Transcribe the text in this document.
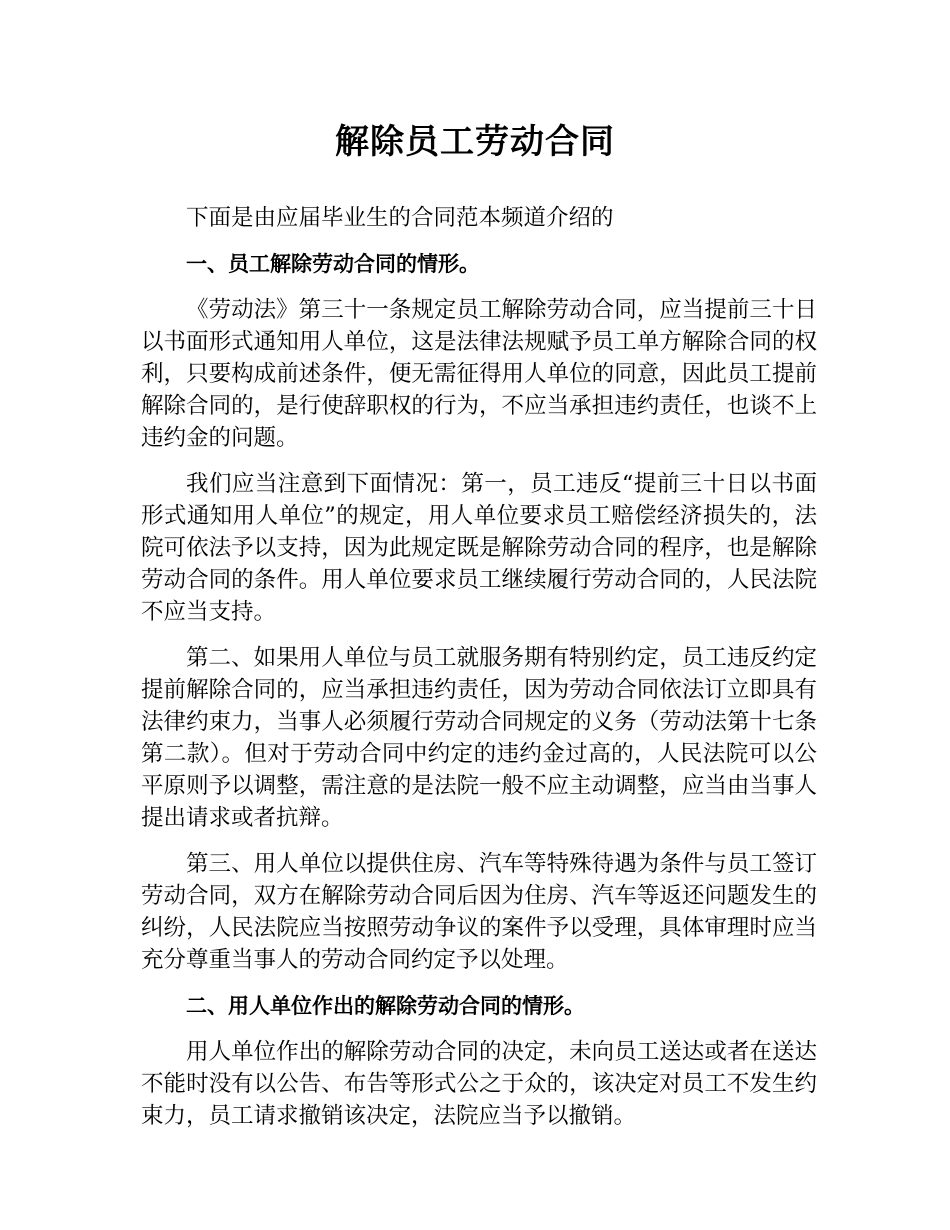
解除员工劳动合同

下面是由应届毕业生的合同范本频道介绍的

一、员工解除劳动合同的情形。

《劳动法》第三十一条规定员工解除劳动合同，应当提前三十日以书面形式通知用人单位，这是法律法规赋予员工单方解除合同的权利，只要构成前述条件，便无需征得用人单位的同意，因此员工提前解除合同的，是行使辞职权的行为，不应当承担违约责任，也谈不上违约金的问题。

我们应当注意到下面情况：第一，员工违反“提前三十日以书面形式通知用人单位”的规定，用人单位要求员工赔偿经济损失的，法院可依法予以支持，因为此规定既是解除劳动合同的程序，也是解除劳动合同的条件。用人单位要求员工继续履行劳动合同的，人民法院不应当支持。

第二、如果用人单位与员工就服务期有特别约定，员工违反约定提前解除合同的，应当承担违约责任，因为劳动合同依法订立即具有法律约束力，当事人必须履行劳动合同规定的义务（劳动法第十七条第二款）。但对于劳动合同中约定的违约金过高的，人民法院可以公平原则予以调整，需注意的是法院一般不应主动调整，应当由当事人提出请求或者抗辩。

第三、用人单位以提供住房、汽车等特殊待遇为条件与员工签订劳动合同，双方在解除劳动合同后因为住房、汽车等返还问题发生的纠纷，人民法院应当按照劳动争议的案件予以受理，具体审理时应当充分尊重当事人的劳动合同约定予以处理。

二、用人单位作出的解除劳动合同的情形。

用人单位作出的解除劳动合同的决定，未向员工送达或者在送达不能时没有以公告、布告等形式公之于众的，该决定对员工不发生约束力，员工请求撤销该决定，法院应当予以撤销。
